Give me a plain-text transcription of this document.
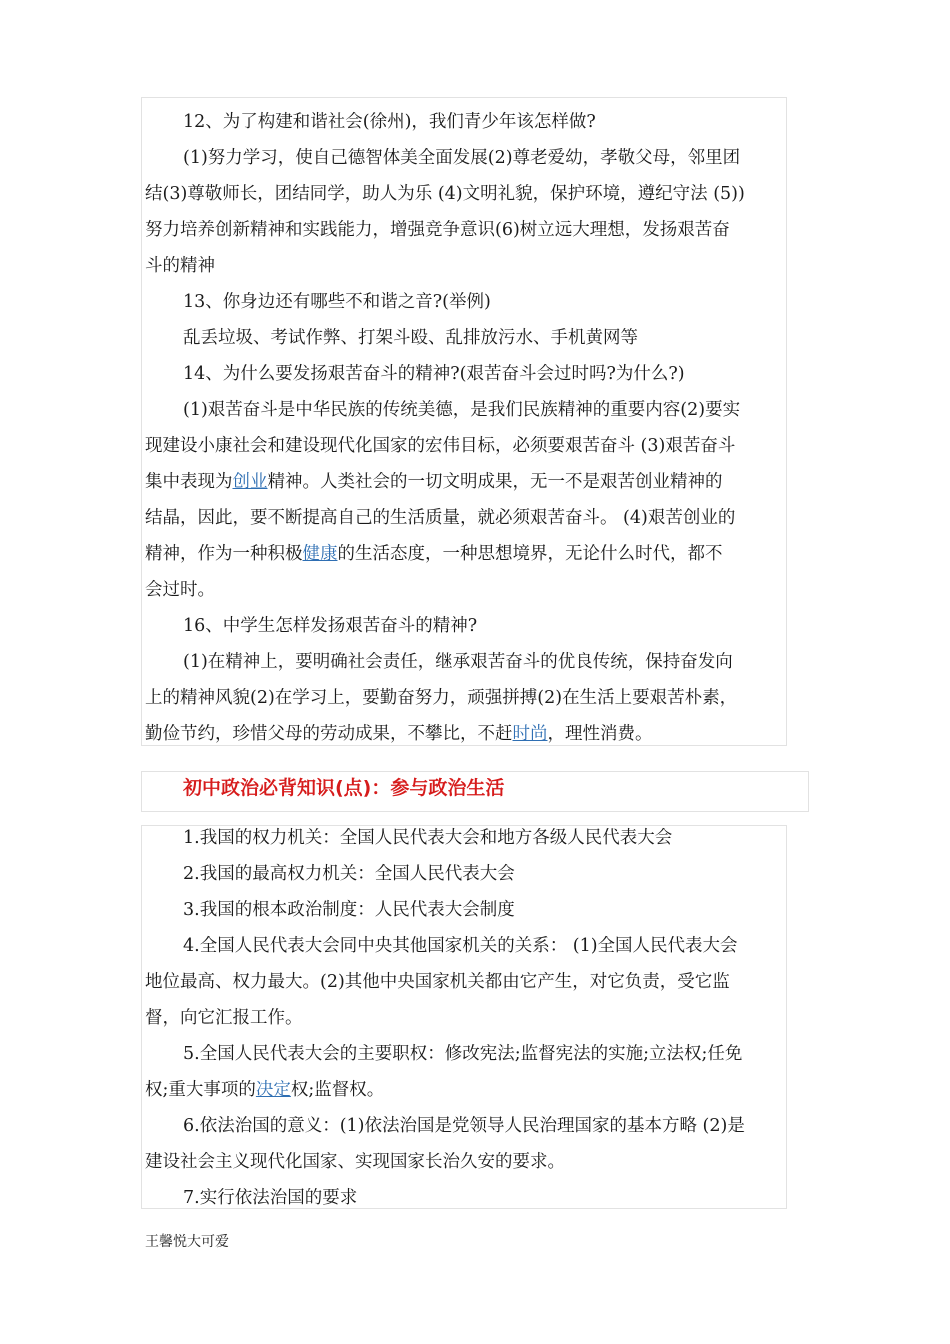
12、为了构建和谐社会(徐州)，我们青少年该怎样做?
(1)努力学习，使自己德智体美全面发展(2)尊老爱幼，孝敬父母，邻里团
结(3)尊敬师长，团结同学，助人为乐 (4)文明礼貌，保护环境，遵纪守法 (5))
努力培养创新精神和实践能力，增强竞争意识(6)树立远大理想，发扬艰苦奋
斗的精神
13、你身边还有哪些不和谐之音?(举例)
乱丢垃圾、考试作弊、打架斗殴、乱排放污水、手机黄网等
14、为什么要发扬艰苦奋斗的精神?(艰苦奋斗会过时吗?为什么?)
(1)艰苦奋斗是中华民族的传统美德，是我们民族精神的重要内容(2)要实
现建设小康社会和建设现代化国家的宏伟目标，必须要艰苦奋斗 (3)艰苦奋斗
集中表现为创业精神。人类社会的一切文明成果，无一不是艰苦创业精神的
结晶，因此，要不断提高自己的生活质量，就必须艰苦奋斗。 (4)艰苦创业的
精神，作为一种积极健康的生活态度，一种思想境界，无论什么时代，都不
会过时。
16、中学生怎样发扬艰苦奋斗的精神?
(1)在精神上，要明确社会责任，继承艰苦奋斗的优良传统，保持奋发向
上的精神风貌(2)在学习上，要勤奋努力，顽强拼搏(2)在生活上要艰苦朴素，
勤俭节约，珍惜父母的劳动成果，不攀比，不赶时尚，理性消费。
初中政治必背知识(点)：参与政治生活
1.我国的权力机关：全国人民代表大会和地方各级人民代表大会
2.我国的最高权力机关：全国人民代表大会
3.我国的根本政治制度：人民代表大会制度
4.全国人民代表大会同中央其他国家机关的关系： (1)全国人民代表大会
地位最高、权力最大。(2)其他中央国家机关都由它产生，对它负责，受它监
督，向它汇报工作。
5.全国人民代表大会的主要职权：修改宪法;监督宪法的实施;立法权;任免
权;重大事项的决定权;监督权。
6.依法治国的意义：(1)依法治国是党领导人民治理国家的基本方略 (2)是
建设社会主义现代化国家、实现国家长治久安的要求。
7.实行依法治国的要求
王馨悦大可爱
